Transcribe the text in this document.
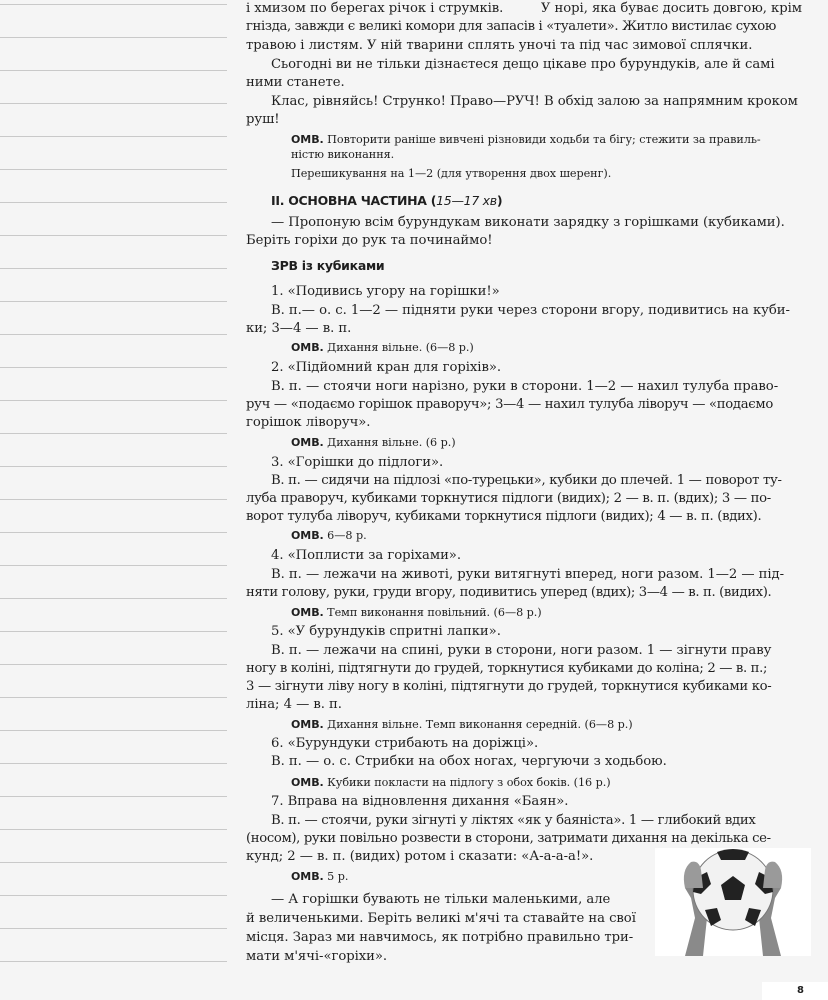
і хмизом по берегах річок і струмків.	У норі, яка буває досить довгою, крім
гнізда, завжди є великі комори для запасів і «туалети». Житло вистилає сухою
травою і листям. У ній тварини сплять уночі та під час зимової сплячки.
Сьогодні ви не тільки дізнаєтеся дещо цікаве про бурундуків, але й самі
ними станете.
Клас, рівняйсь! Струнко! Право—РУЧ! В обхід залою за напрямним кроком
руш!
ОМВ. Повторити раніше вивчені різновиди ходьби та бігу; стежити за правиль-
ністю виконання.
Перешикування на 1—2 (для утворення двох шеренг).
ІІ. ОСНОВНА ЧАСТИНА (15—17 хв)
— Пропоную всім бурундукам виконати зарядку з горішками (кубиками).
Беріть горіхи до рук та починаймо!
ЗРВ із кубиками
1. «Подивись угору на горішки!»
В. п.— о. с. 1—2 — підняти руки через сторони вгору, подивитись на куби-
ки; 3—4 — в. п.
ОМВ. Дихання вільне. (6—8 р.)
2. «Підйомний кран для горіхів».
В. п. — стоячи ноги нарізно, руки в сторони. 1—2 — нахил тулуба право-
руч — «подаємо горішок праворуч»; 3—4 — нахил тулуба ліворуч — «подаємо
горішок ліворуч».
ОМВ. Дихання вільне. (6 р.)
3. «Горішки до підлоги».
В. п. — сидячи на підлозі «по-турецьки», кубики до плечей. 1 — поворот ту-
луба праворуч, кубиками торкнутися підлоги (видих); 2 — в. п. (вдих); 3 — по-
ворот тулуба ліворуч, кубиками торкнутися підлоги (видих); 4 — в. п. (вдих).
ОМВ. 6—8 р.
4. «Поплисти за горіхами».
В. п. — лежачи на животі, руки витягнуті вперед, ноги разом. 1—2 — під-
няти голову, руки, груди вгору, подивитись уперед (вдих); 3—4 — в. п. (видих).
ОМВ. Темп виконання повільний. (6—8 р.)
5. «У бурундуків спритні лапки».
В. п. — лежачи на спині, руки в сторони, ноги разом. 1 — зігнути праву
ногу в коліні, підтягнути до грудей, торкнутися кубиками до коліна; 2 — в. п.;
3 — зігнути ліву ногу в коліні, підтягнути до грудей, торкнутися кубиками ко-
ліна; 4 — в. п.
ОМВ. Дихання вільне. Темп виконання середній. (6—8 р.)
6. «Бурундуки стрибають на доріжці».
В. п. — о. с. Стрибки на обох ногах, чергуючи з ходьбою.
ОМВ. Кубики покласти на підлогу з обох боків. (16 р.)
7. Вправа на відновлення дихання «Баян».
В. п. — стоячи, руки зігнуті у ліктях «як у баяніста». 1 — глибокий вдих
(носом), руки повільно розвести в сторони, затримати дихання на декілька се-
кунд; 2 — в. п. (видих) ротом і сказати: «А-а-а-а!».
ОМВ. 5 р.
— А горішки бувають не тільки маленькими, але
й величенькими. Беріть великі м'ячі та ставайте на свої
місця. Зараз ми навчимось, як потрібно правильно три-
мати м'ячі-«горіхи».
8
